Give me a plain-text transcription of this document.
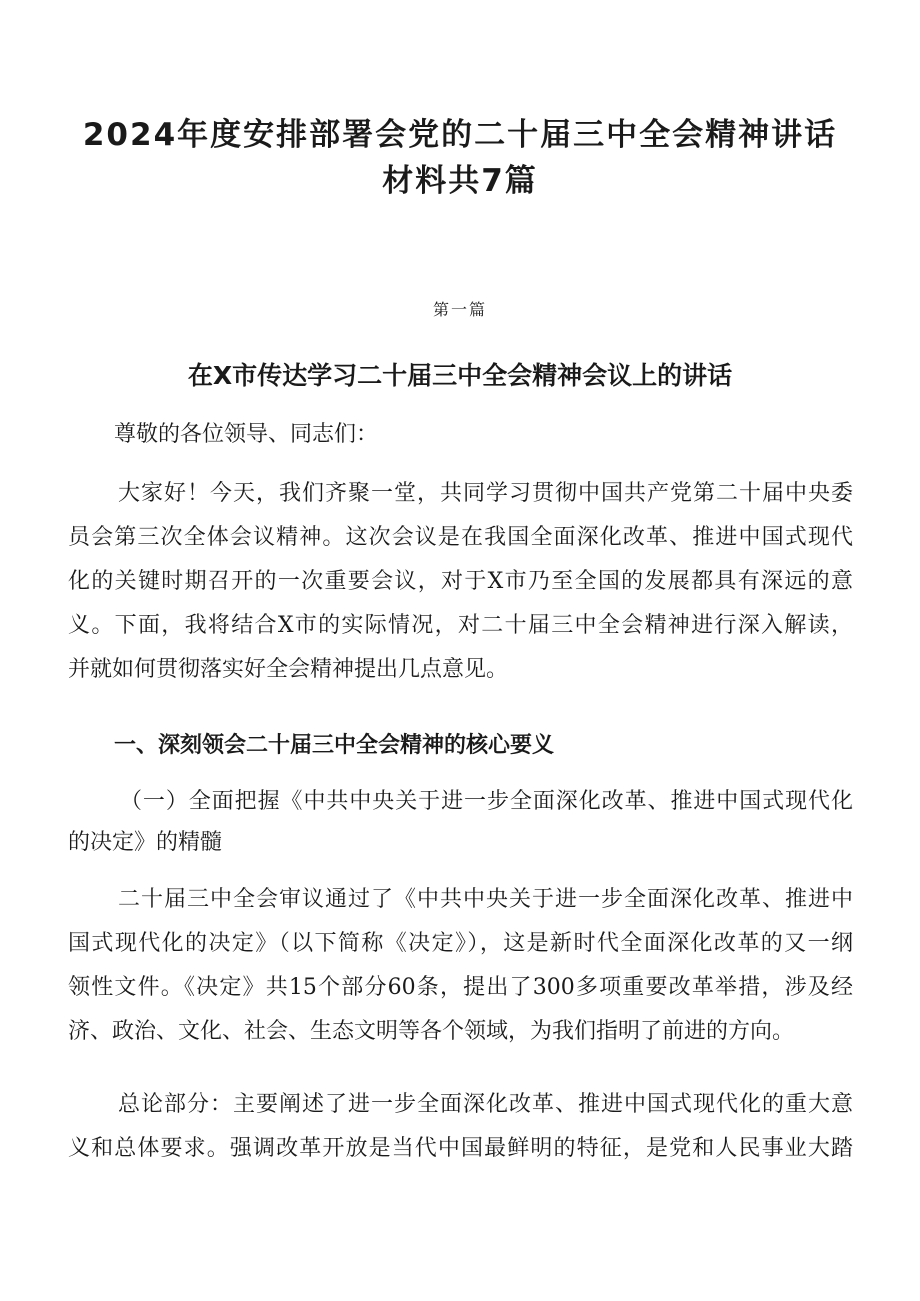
2024年度安排部署会党的二十届三中全会精神讲话
材料共7篇
第一篇
在X市传达学习二十届三中全会精神会议上的讲话

尊敬的各位领导、同志们：

大家好！今天，我们齐聚一堂，共同学习贯彻中国共产党第二十届中央委

员会第三次全体会议精神。这次会议是在我国全面深化改革、推进中国式现代

化的关键时期召开的一次重要会议，对于X市乃至全国的发展都具有深远的意

义。下面，我将结合X市的实际情况，对二十届三中全会精神进行深入解读，

并就如何贯彻落实好全会精神提出几点意见。

一、深刻领会二十届三中全会精神的核心要义

（一）全面把握《中共中央关于进一步全面深化改革、推进中国式现代化

的决定》的精髓

二十届三中全会审议通过了《中共中央关于进一步全面深化改革、推进中

国式现代化的决定》（以下简称《决定》），这是新时代全面深化改革的又一纲

领性文件。《决定》共15个部分60条，提出了300多项重要改革举措，涉及经

济、政治、文化、社会、生态文明等各个领域，为我们指明了前进的方向。

总论部分：主要阐述了进一步全面深化改革、推进中国式现代化的重大意

义和总体要求。强调改革开放是当代中国最鲜明的特征，是党和人民事业大踏
